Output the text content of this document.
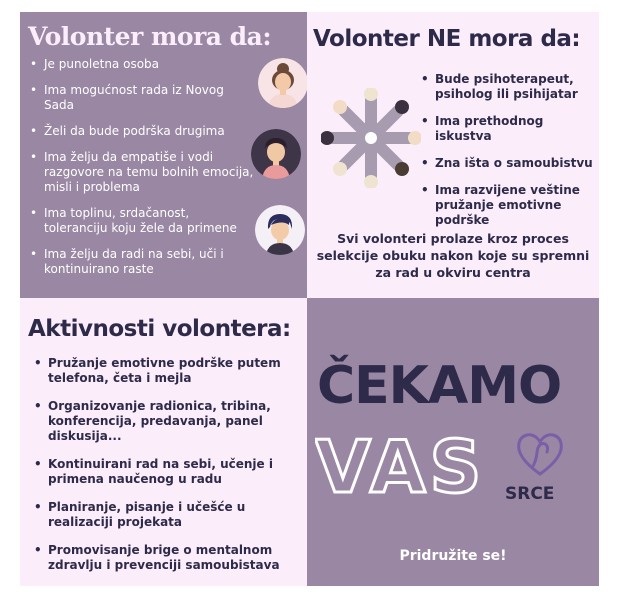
Volonter mora da:
• Je punoletna osoba
• Ima mogućnost rada iz Novog Sada
• Želi da bude podrška drugima
• Ima želju da empatiše i vodi razgovore na temu bolnih emocija, misli i problema
• Ima toplinu, srdačanost, toleranciju koju žele da primene
• Ima želju da radi na sebi, uči i kontinuirano raste
Volonter NE mora da:
• Bude psihoterapeut, psiholog ili psihijatar
• Ima prethodnog iskustva
• Zna išta o samoubistvu
• Ima razvijene veštine pružanje emotivne podrške
Svi volonteri prolaze kroz proces selekcije obuku nakon koje su spremni za rad u okviru centra
Aktivnosti volontera:
• Pružanje emotivne podrške putem telefona, četa i mejla
• Organizovanje radionica, tribina, konferencija, predavanja, panel diskusija...
• Kontinuirani rad na sebi, učenje i primena naučenog u radu
• Planiranje, pisanje i učešće u realizaciji projekata
• Promovisanje brige o mentalnom zdravlju i prevenciji samoubistava
ČEKAMO
VAS SRCE
Pridružite se!
